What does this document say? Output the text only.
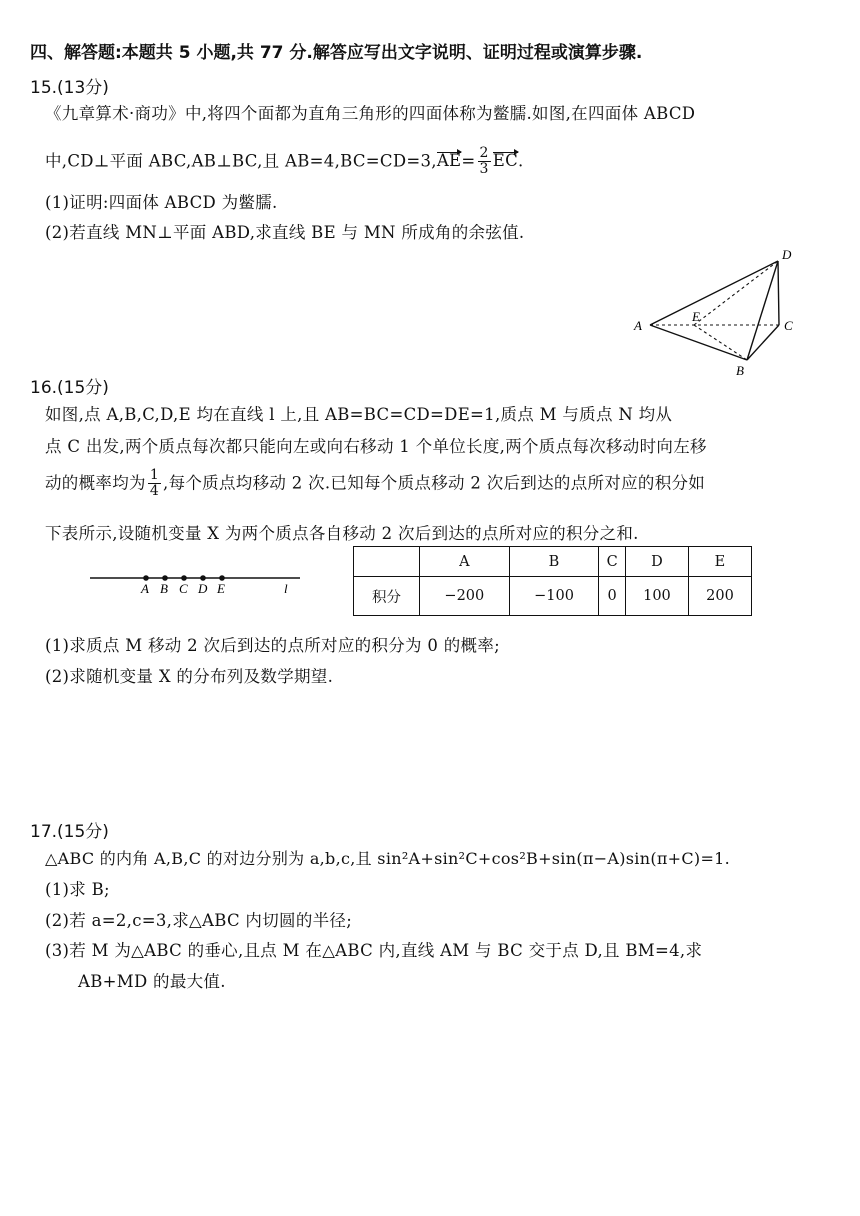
四、解答题:本题共 5 小题,共 77 分.解答应写出文字说明、证明过程或演算步骤.
15.(13分)
《九章算术·商功》中,将四个面都为直角三角形的四面体称为鳖臑.如图,在四面体 ABCD
中,CD⊥平面 ABC,AB⊥BC,且 $AB=4,BC=CD=3,AE= \frac{2}{3}$ EC.
(1)证明:四面体 ABCD 为鳖臑.
(2)若直线 MN⊥平面 ABD,求直线 BE 与 MN 所成角的余弦值.
A
E
C
D
B
16.(15分)
如图,点 A,B,C,D,E 均在直线 l 上,且 AB=BC=CD=DE=1,质点 M 与质点 N 均从
点 C 出发,两个质点每次都只能向左或向右移动 1 个单位长度,两个质点每次移动时向左移
动的概率均为 $\frac{1}{4}$ ,每个质点均移动 2 次.已知每个质点移动 2 次后到达的点所对应的积分如
下表所示,设随机变量 X 为两个质点各自移动 2 次后到达的点所对应的积分之和.
A B C D E	l
	A	B	C	D	E
积分	−200	−100	0	100	200
(1)求质点 M 移动 2 次后到达的点所对应的积分为 0 的概率;
(2)求随机变量 X 的分布列及数学期望.
17.(15分)
△ABC 的内角 A,B,C 的对边分别为 a,b,c,且 sin²A+sin²C+cos²B+sin(π−A)sin(π+C)=1.
(1)求 B;
(2)若 a=2,c=3,求△ABC 内切圆的半径;
(3)若 M 为△ABC 的垂心,且点 M 在△ABC 内,直线 AM 与 BC 交于点 D,且 BM=4,求
AB+MD 的最大值.
